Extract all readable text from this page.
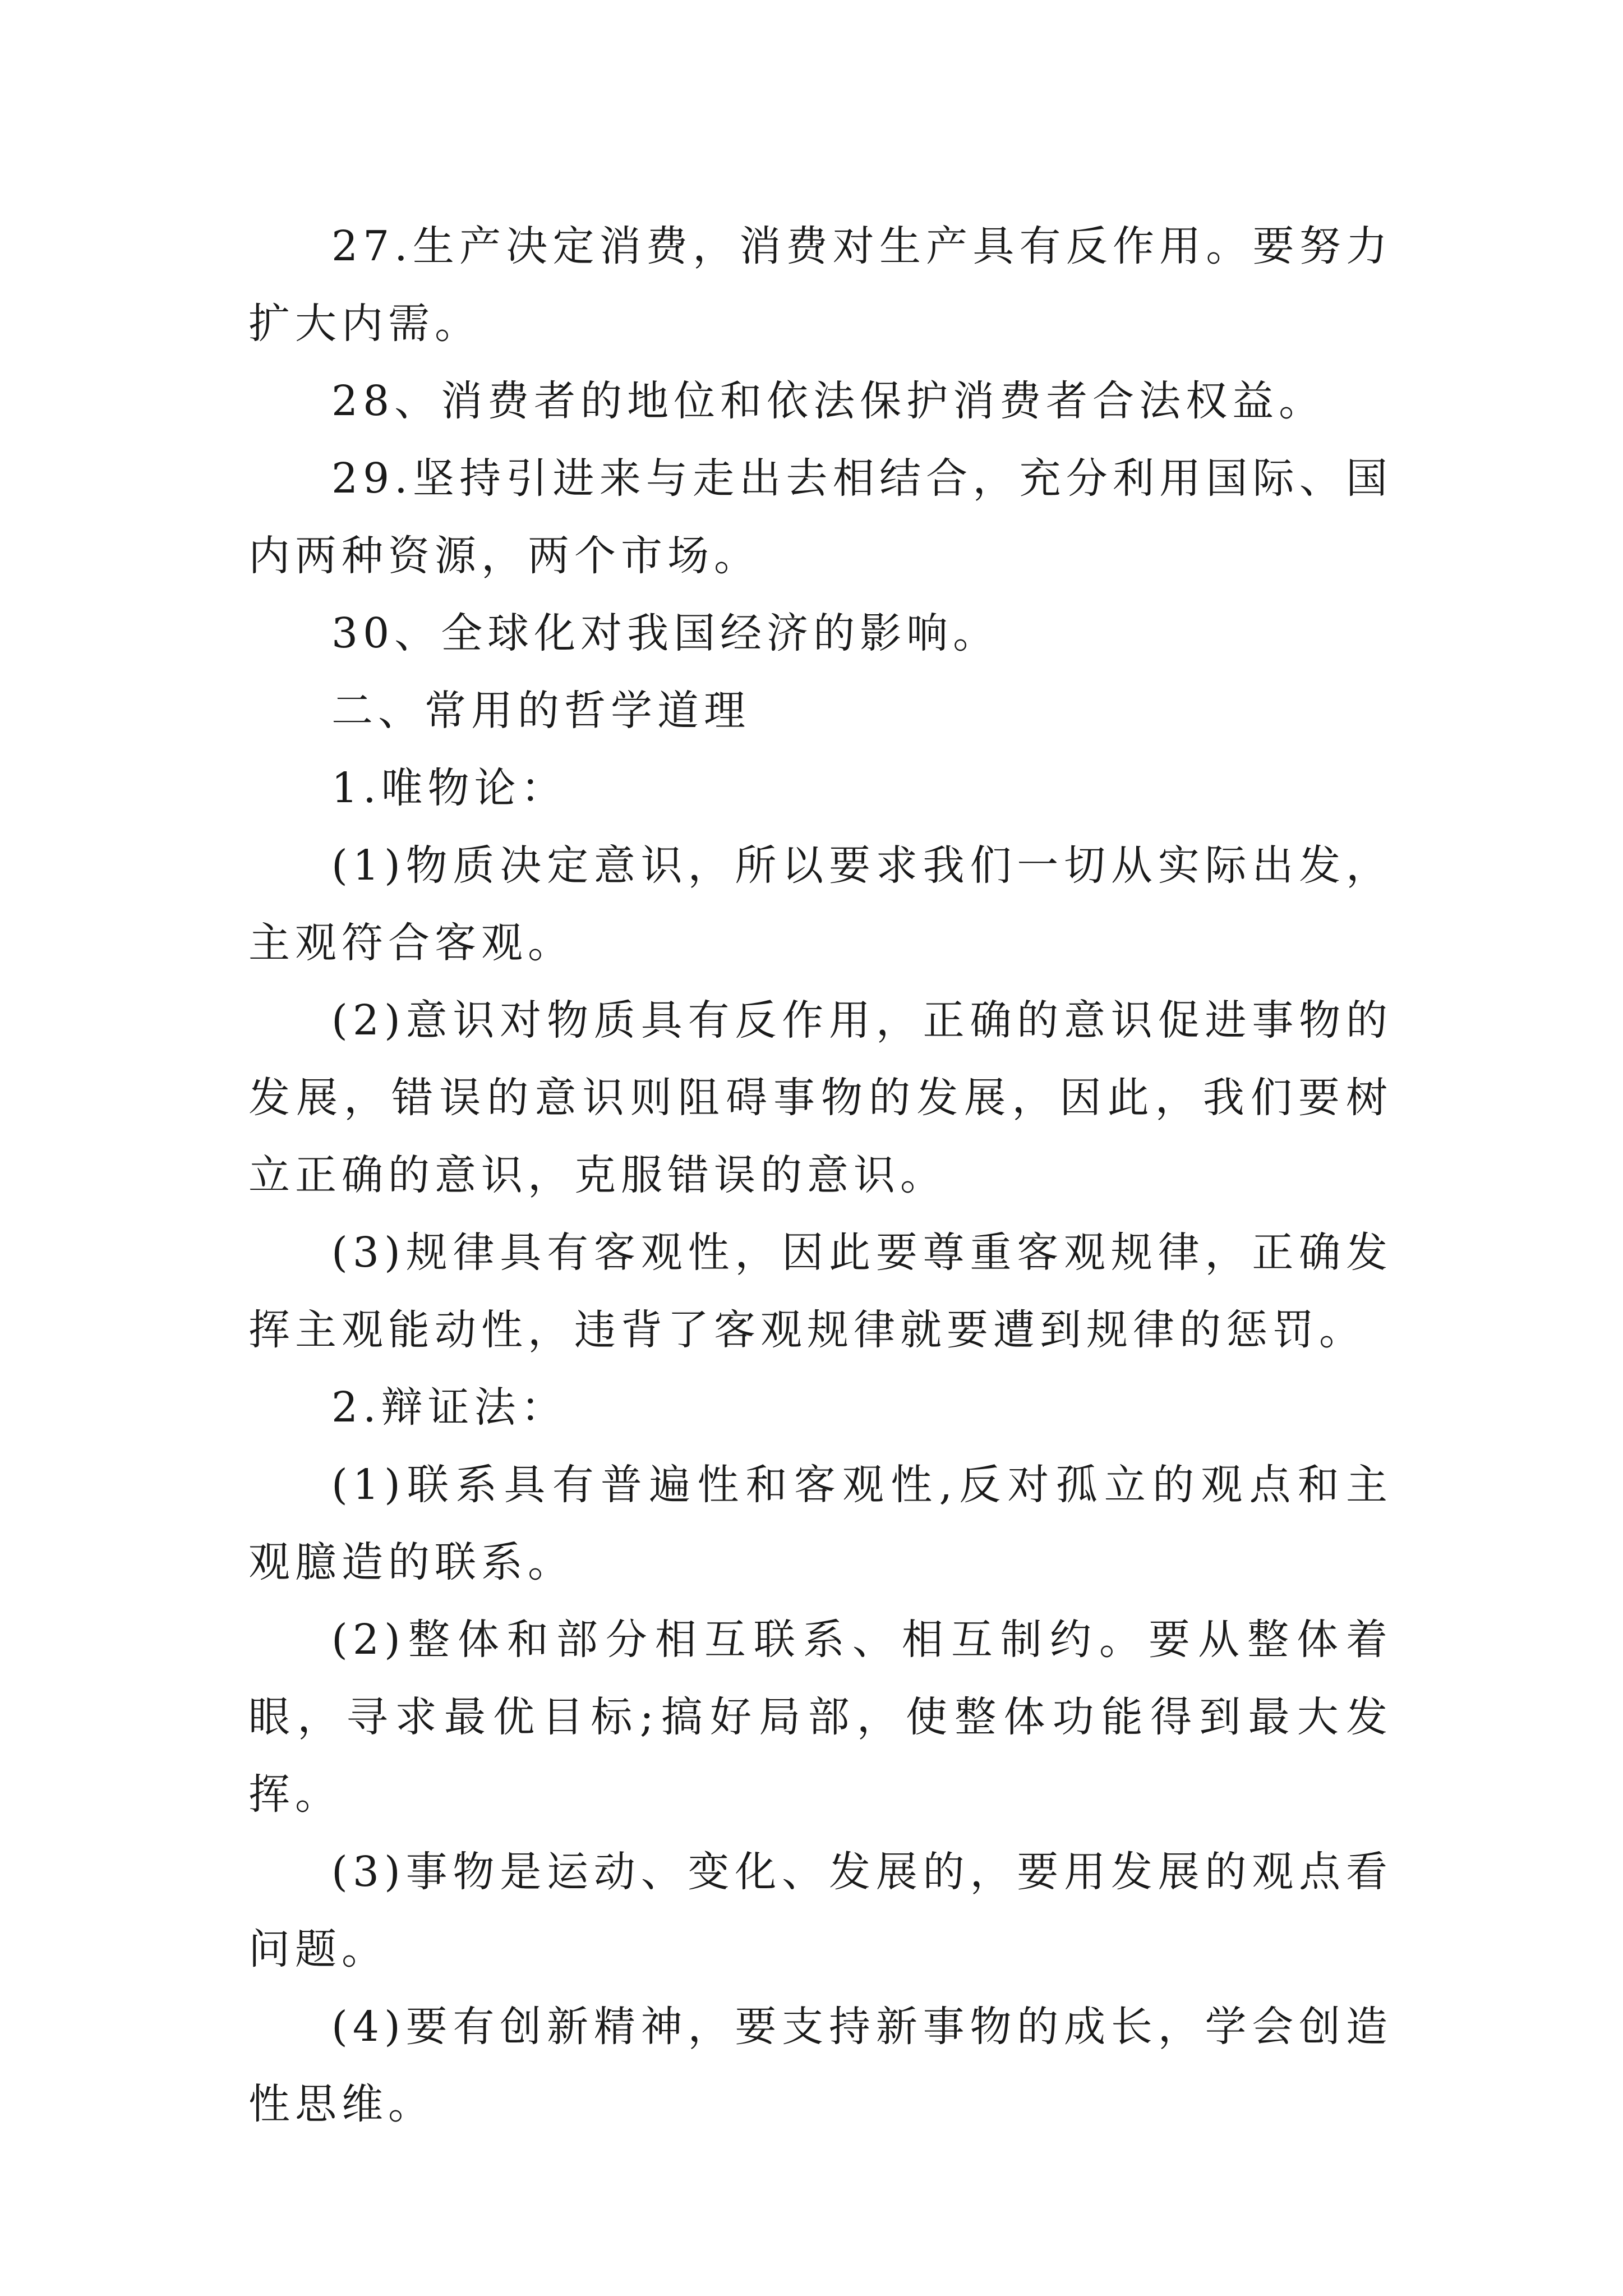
27.生产决定消费，消费对生产具有反作用。要努力扩大内需。

28、消费者的地位和依法保护消费者合法权益。

29.坚持引进来与走出去相结合，充分利用国际、国内两种资源，两个市场。

30、全球化对我国经济的影响。

二、常用的哲学道理

1.唯物论：

(1)物质决定意识，所以要求我们一切从实际出发，主观符合客观。

(2)意识对物质具有反作用，正确的意识促进事物的发展，错误的意识则阻碍事物的发展，因此，我们要树立正确的意识，克服错误的意识。

(3)规律具有客观性，因此要尊重客观规律，正确发挥主观能动性，违背了客观规律就要遭到规律的惩罚。

2.辩证法：

(1)联系具有普遍性和客观性,反对孤立的观点和主观臆造的联系。

(2)整体和部分相互联系、相互制约。要从整体着眼，寻求最优目标;搞好局部，使整体功能得到最大发挥。

(3)事物是运动、变化、发展的，要用发展的观点看问题。

(4)要有创新精神，要支持新事物的成长，学会创造性思维。
